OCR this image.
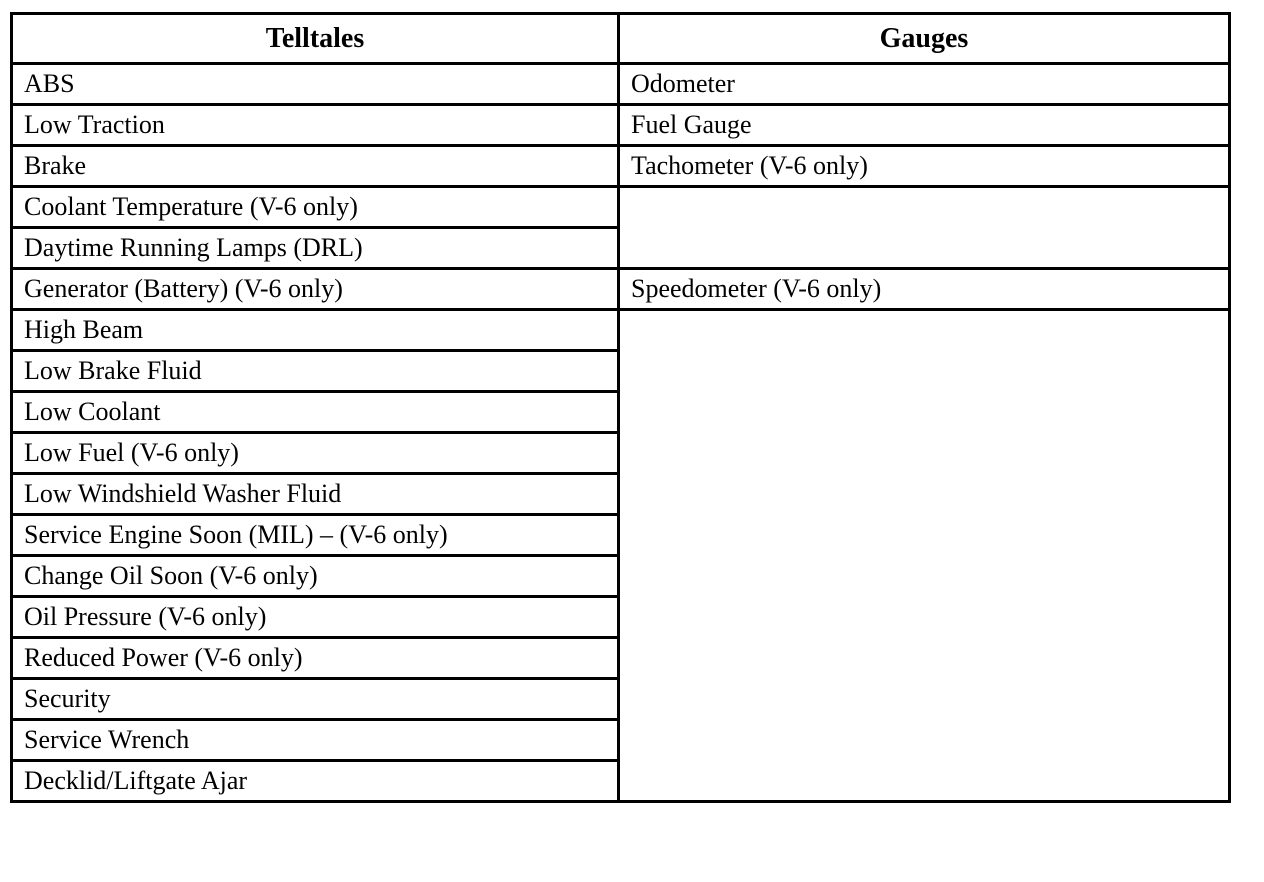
Telltales	Gauges
ABS	Odometer
Low Traction	Fuel Gauge
Brake	Tachometer (V-6 only)
Coolant Temperature (V-6 only)	
Daytime Running Lamps (DRL)	
Generator (Battery) (V-6 only)	Speedometer (V-6 only)
High Beam	
Low Brake Fluid	
Low Coolant	
Low Fuel (V-6 only)	
Low Windshield Washer Fluid	
Service Engine Soon (MIL) – (V-6 only)	
Change Oil Soon (V-6 only)	
Oil Pressure (V-6 only)	
Reduced Power (V-6 only)	
Security	
Service Wrench	
Decklid/Liftgate Ajar	
